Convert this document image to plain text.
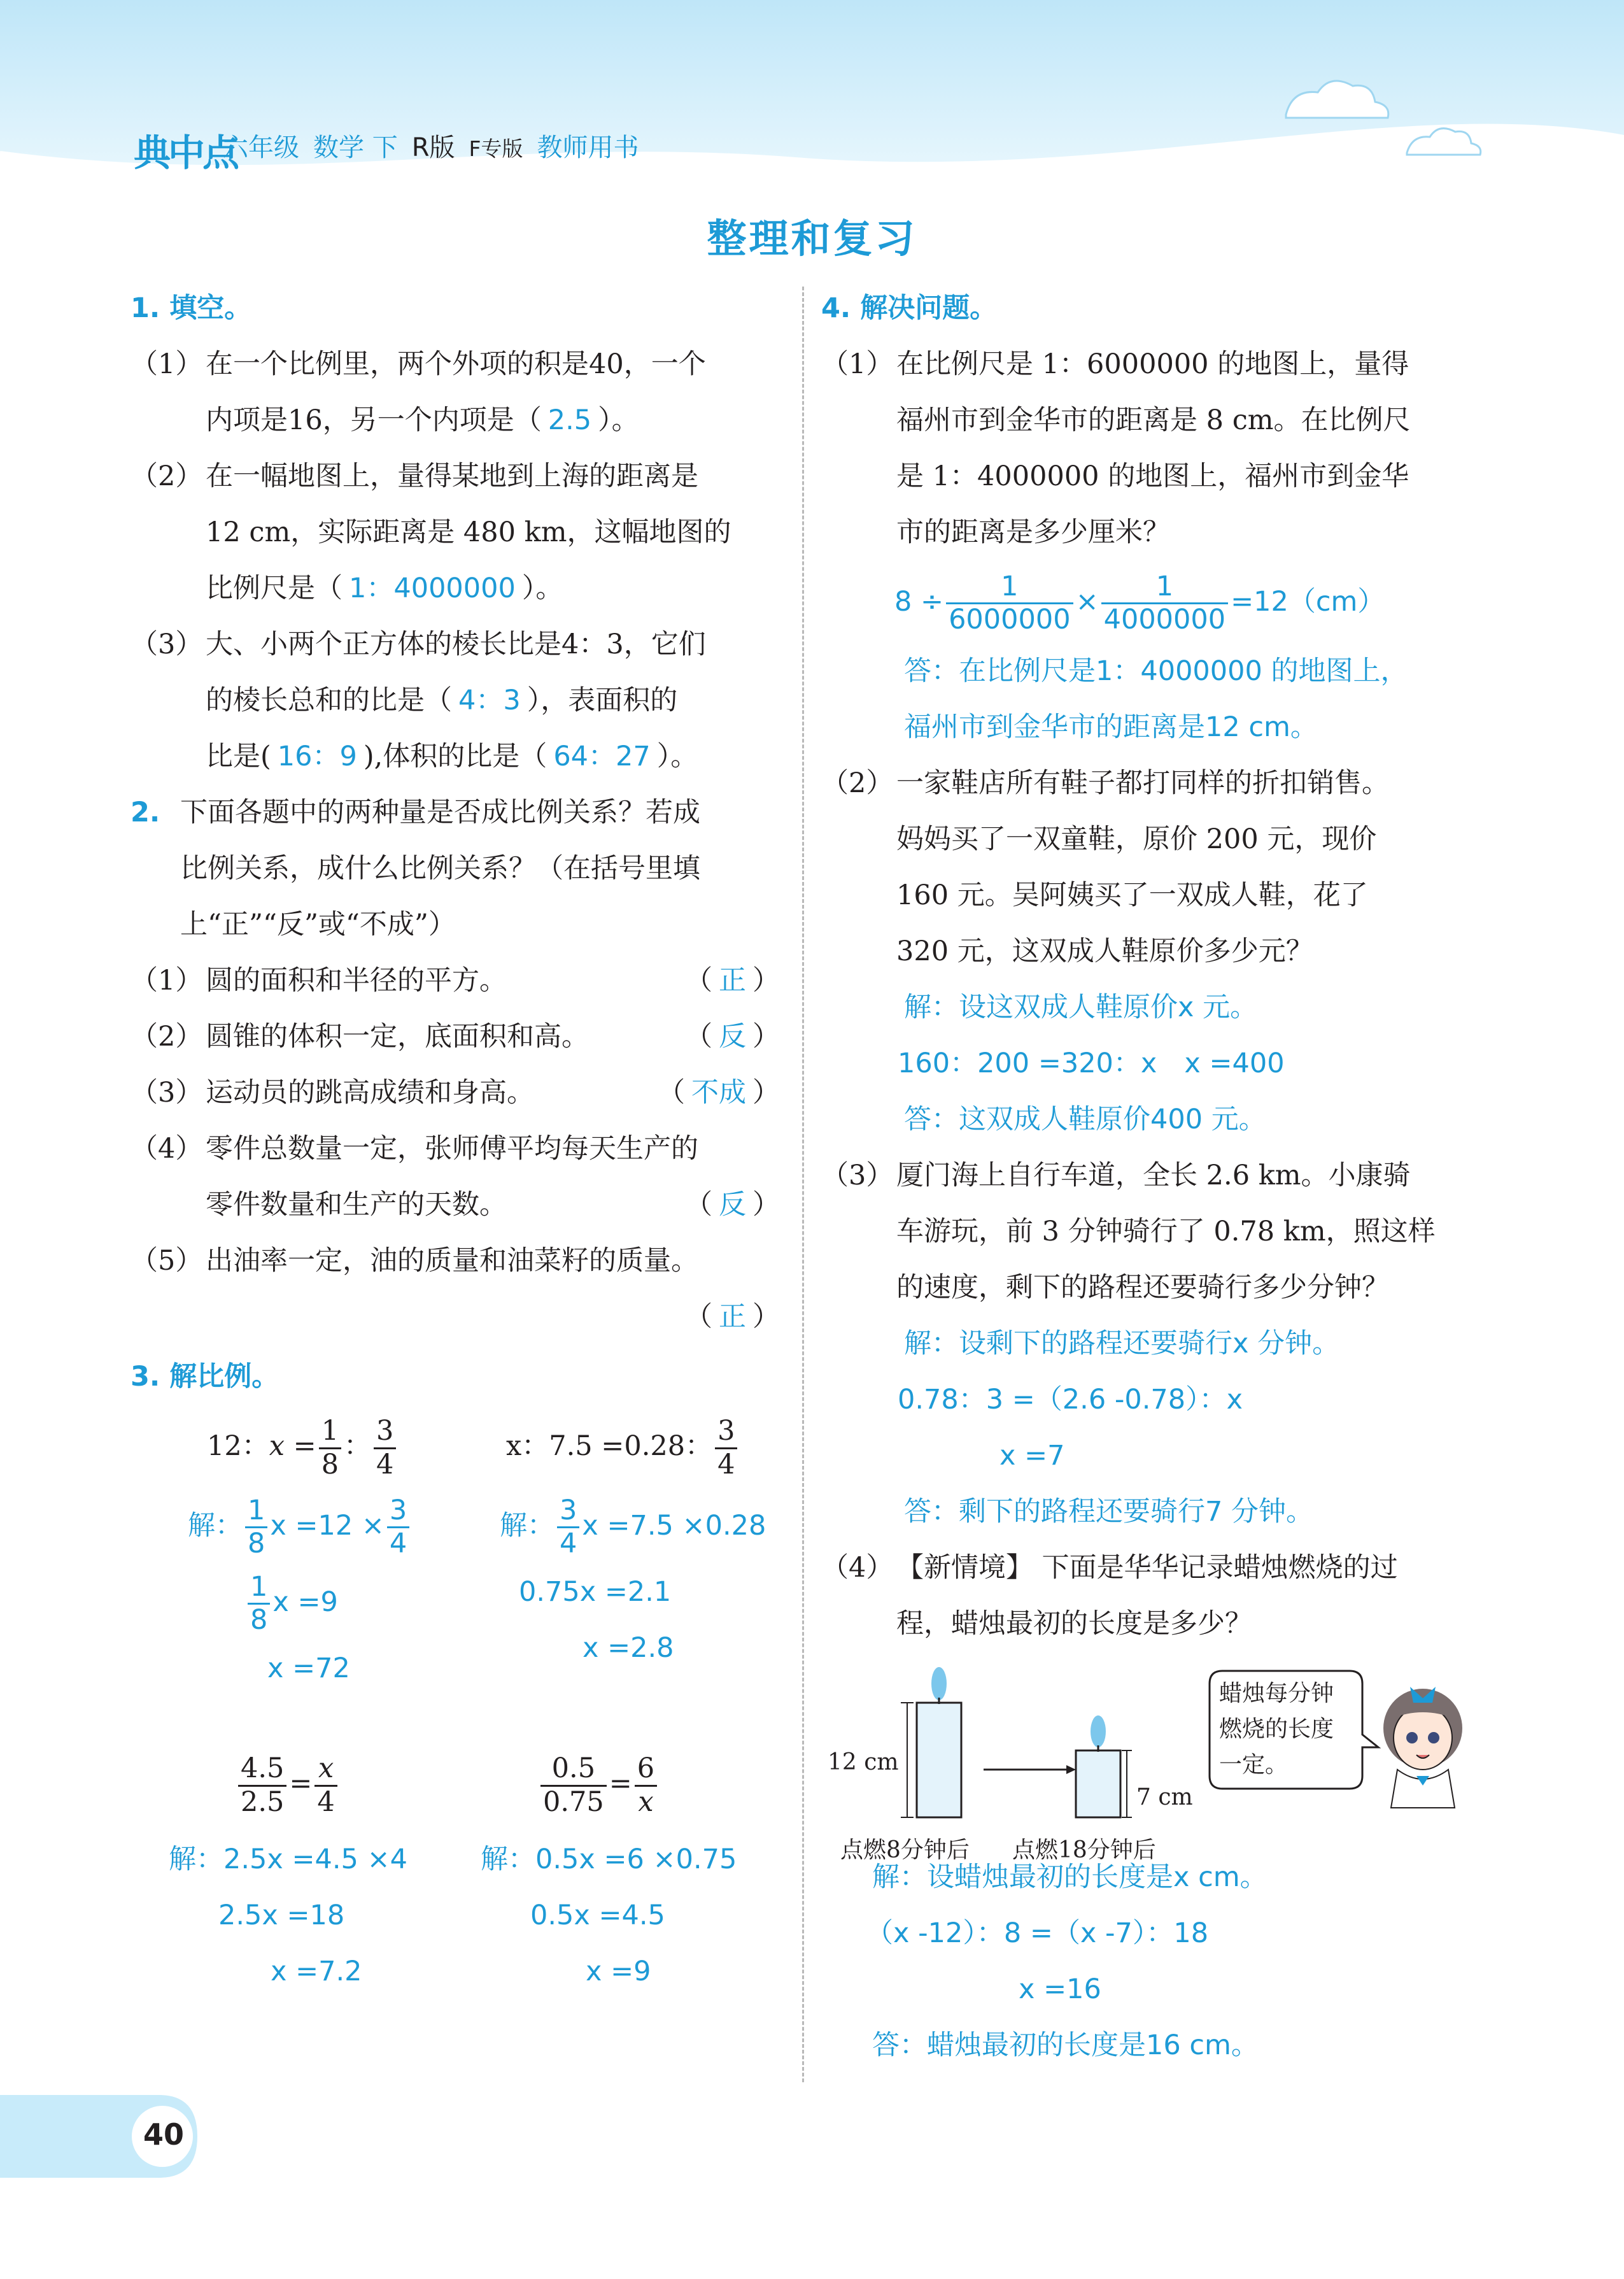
典中点
六年级 数学 下 R版 F专版 教师用书
整理和复习
1. 填空。
（1） 在一个比例里，两个外项的积是40，一个
内项是16，另一个内项是（ 2.5 ）。
（2） 在一幅地图上，量得某地到上海的距离是
12 cm，实际距离是 480 km，这幅地图的
比例尺是（ 1：4000000 ）。
（3） 大、小两个正方体的棱长比是4：3，它们
的棱长总和的比是（ 4：3 ），表面积的
比是( 16：9 ),体积的比是（ 64：27 ）。
2. 下面各题中的两种量是否成比例关系？若成
比例关系，成什么比例关系？（在括号里填
上“正”“反”或“不成”）
（1） 圆的面积和半径的平方。	（ 正 ）
（2） 圆锥的体积一定，底面积和高。	（ 反 ）
（3） 运动员的跳高成绩和身高。	（ 不成 ）
（4） 零件总数量一定，张师傅平均每天生产的
零件数量和生产的天数。	（ 反 ）
（5） 出油率一定，油的质量和油菜籽的质量。
（ 正 ）
3. 解比例。
12：$x = \frac{1}{8}$ ： $\frac{3}{4}$
解： $\frac{1}{8}$ $x =12 \times \frac{3}{4}$
$\frac{1}{8}$ x =9
x =72
x：7.5 =0.28： $\frac{3}{4}$
解： $\frac{3}{4}$ x =7.5 ×0.28
0.75x =2.1
x =2.8
$\frac{4.5}{2.5} = \frac{x}{4}$
解：2.5x =4.5 ×4
2.5x =18
x =7.2
$\frac{0.5}{0.75} = \frac{6}{x}$
解：0.5x =6 ×0.75
0.5x =4.5
x =9
4. 解决问题。
（1） 在比例尺是 1：6000000 的地图上，量得
福州市到金华市的距离是 8 cm。在比例尺
是 1：4000000 的地图上，福州市到金华
市的距离是多少厘米？
$8 \div \frac{1}{6000000} \times \frac{1}{4000000} =12(cm)$
答：在比例尺是1：4000000 的地图上，
福州市到金华市的距离是12 cm。
（2） 一家鞋店所有鞋子都打同样的折扣销售。
妈妈买了一双童鞋，原价 200 元，现价
160 元。吴阿姨买了一双成人鞋，花了
320 元，这双成人鞋原价多少元？
解：设这双成人鞋原价x 元。
160：200 =320：x　x =400
答：这双成人鞋原价400 元。
（3） 厦门海上自行车道，全长 2.6 km。小康骑
车游玩，前 3 分钟骑行了 0.78 km，照这样
的速度，剩下的路程还要骑行多少分钟？
解：设剩下的路程还要骑行x 分钟。
0.78：3 =（2.6 -0.78）：x
x =7
答：剩下的路程还要骑行7 分钟。
（4） 【新情境】 下面是华华记录蜡烛燃烧的过
程，蜡烛最初的长度是多少？
12 cm
7 cm
点燃8分钟后 点燃18分钟后
蜡烛每分钟
燃烧的长度
一定。
解：设蜡烛最初的长度是x cm。
（x -12）：8 =（x -7）：18
x =16
答：蜡烛最初的长度是16 cm。
40
